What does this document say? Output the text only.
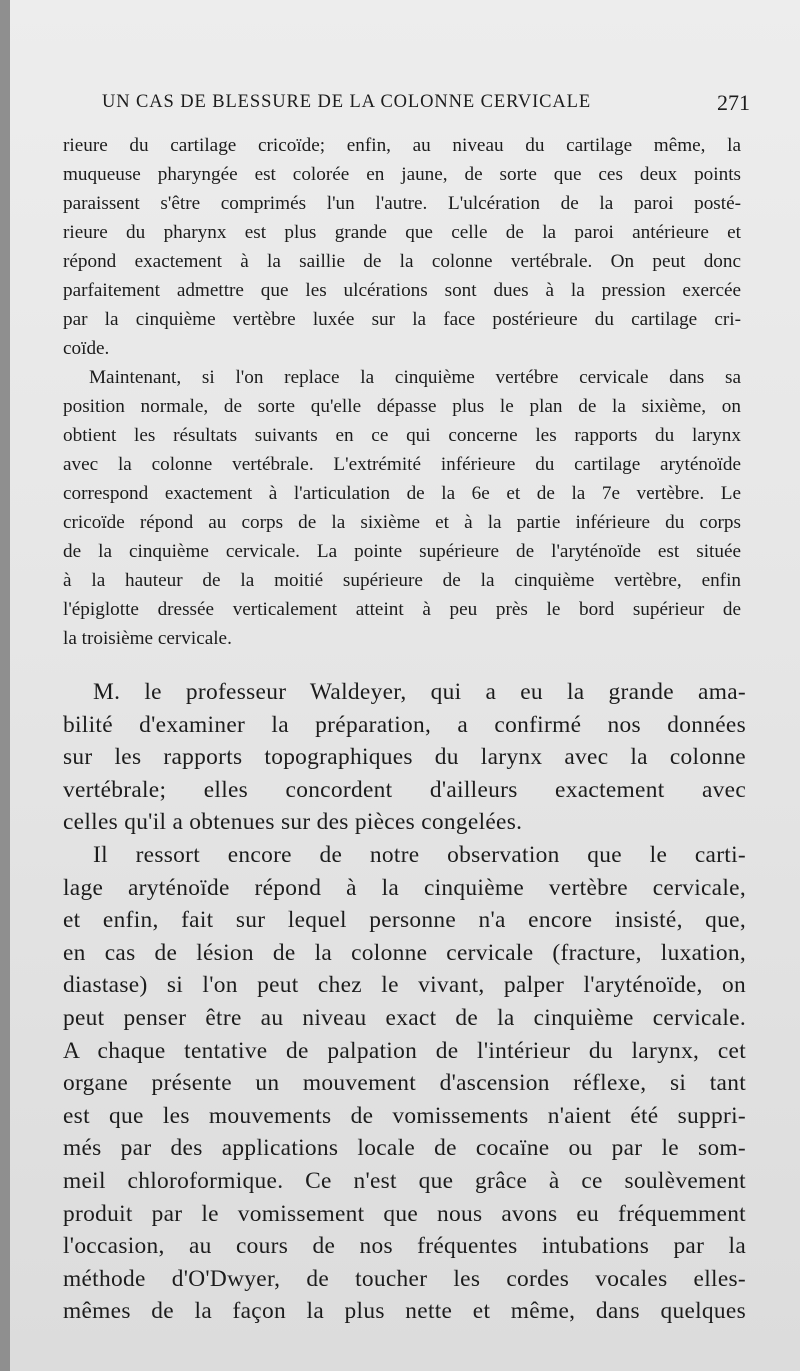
UN CAS DE BLESSURE DE LA COLONNE CERVICALE	271

rieure du cartilage cricoïde; enfin, au niveau du cartilage même, la
muqueuse pharyngée est colorée en jaune, de sorte que ces deux points
paraissent s'être comprimés l'un l'autre. L'ulcération de la paroi posté-
rieure du pharynx est plus grande que celle de la paroi antérieure et
répond exactement à la saillie de la colonne vertébrale. On peut donc
parfaitement admettre que les ulcérations sont dues à la pression exercée
par la cinquième vertèbre luxée sur la face postérieure du cartilage cri-
coïde.

Maintenant, si l'on replace la cinquième vertébre cervicale dans sa
position normale, de sorte qu'elle dépasse plus le plan de la sixième, on
obtient les résultats suivants en ce qui concerne les rapports du larynx
avec la colonne vertébrale. L'extrémité inférieure du cartilage aryténoïde
correspond exactement à l'articulation de la 6e et de la 7e vertèbre. Le
cricoïde répond au corps de la sixième et à la partie inférieure du corps
de la cinquième cervicale. La pointe supérieure de l'aryténoïde est située
à la hauteur de la moitié supérieure de la cinquième vertèbre, enfin
l'épiglotte dressée verticalement atteint à peu près le bord supérieur de
la troisième cervicale.

M. le professeur Waldeyer, qui a eu la grande ama-
bilité d'examiner la préparation, a confirmé nos données
sur les rapports topographiques du larynx avec la colonne
vertébrale; elles concordent d'ailleurs exactement avec
celles qu'il a obtenues sur des pièces congelées.

Il ressort encore de notre observation que le carti-
lage aryténoïde répond à la cinquième vertèbre cervicale,
et enfin, fait sur lequel personne n'a encore insisté, que,
en cas de lésion de la colonne cervicale (fracture, luxation,
diastase) si l'on peut chez le vivant, palper l'aryténoïde, on
peut penser être au niveau exact de la cinquième cervicale.
A chaque tentative de palpation de l'intérieur du larynx, cet
organe présente un mouvement d'ascension réflexe, si tant
est que les mouvements de vomissements n'aient été suppri-
més par des applications locale de cocaïne ou par le som-
meil chloroformique. Ce n'est que grâce à ce soulèvement
produit par le vomissement que nous avons eu fréquemment
l'occasion, au cours de nos fréquentes intubations par la
méthode d'O'Dwyer, de toucher les cordes vocales elles-
mêmes de la façon la plus nette et même, dans quelques
